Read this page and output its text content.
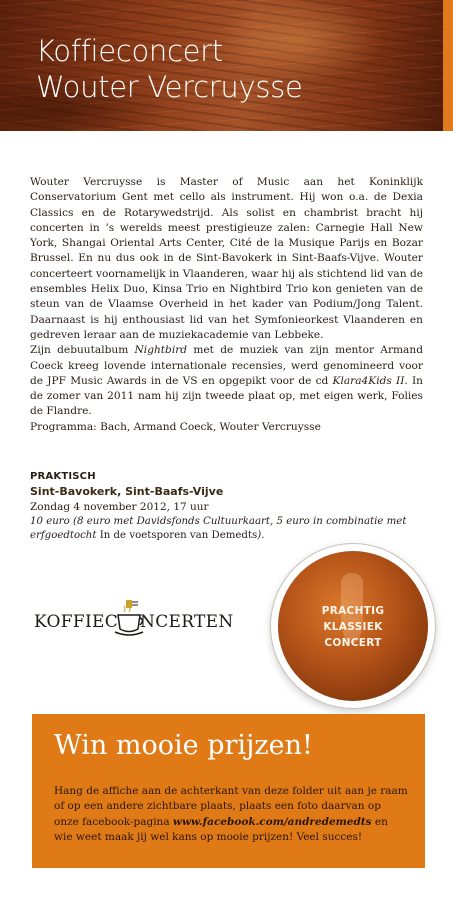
Koffieconcert
Wouter Vercruysse

Wouter Vercruysse is Master of Music aan het Koninklijk Conservatorium Gent met cello als instrument. Hij won o.a. de Dexia Classics en de Rotarywedstrijd. Als solist en chambrist bracht hij concerten in ’s werelds meest prestigieuze zalen: Carnegie Hall New York, Shangai Oriental Arts Center, Cité de la Musique Parijs en Bozar Brussel. En nu dus ook in de Sint-Bavokerk in Sint-Baafs-Vijve. Wouter concerteert voornamelijk in Vlaanderen, waar hij als stichtend lid van de ensembles Helix Duo, Kinsa Trio en Nightbird Trio kon genieten van de steun van de Vlaamse Overheid in het kader van Podium/Jong Talent. Daarnaast is hij enthousiast lid van het Symfonieorkest Vlaanderen en gedreven leraar aan de muziekacademie van Lebbeke.

Zijn debuutalbum Nightbird met de muziek van zijn mentor Armand Coeck kreeg lovende internationale recensies, werd genomineerd voor de JPF Music Awards in de VS en opgepikt voor de cd Klara4Kids II. In de zomer van 2011 nam hij zijn tweede plaat op, met eigen werk, Folies de Flandre.

Programma: Bach, Armand Coeck, Wouter Vercruysse

PRAKTISCH
Sint-Bavokerk, Sint-Baafs-Vijve
Zondag 4 november 2012, 17 uur
10 euro (8 euro met Davidsfonds Cultuurkaart, 5 euro in combinatie met erfgoedtocht In de voetsporen van Demedts).
KOFFIEC NCERTEN
PRACHTIG
KLASSIEK
CONCERT
Win mooie prijzen!
Hang de affiche aan de achterkant van deze folder uit aan je raam of op een andere zichtbare plaats, plaats een foto daarvan op onze facebook-pagina www.facebook.com/andredemedts en wie weet maak jij wel kans op mooie prijzen! Veel succes!
